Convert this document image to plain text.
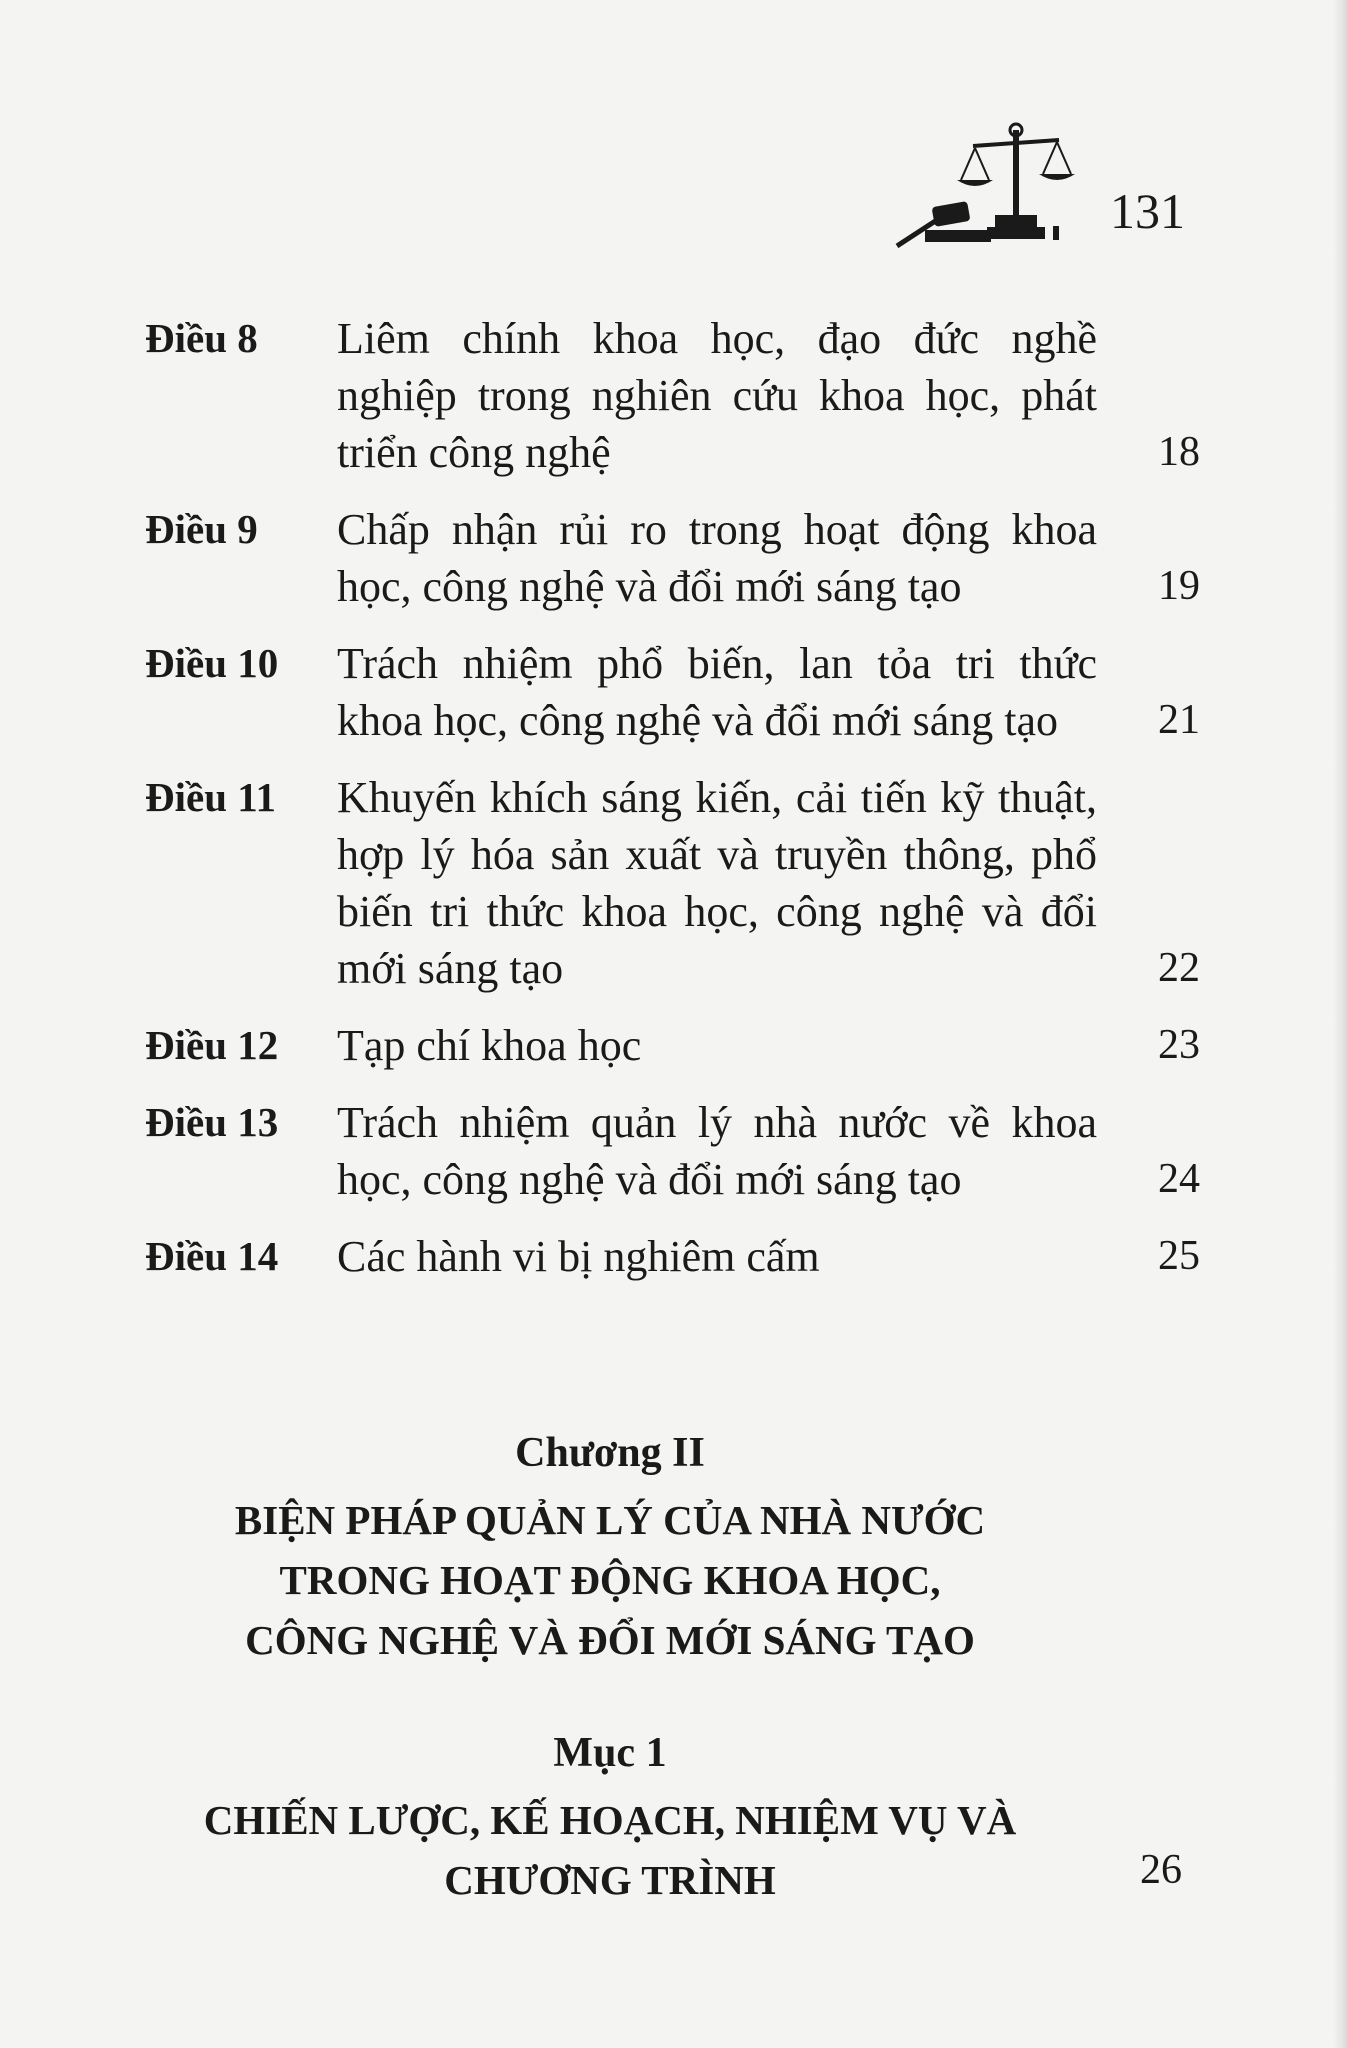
131
Điều 8	Liêm chính khoa học, đạo đức nghề nghiệp trong nghiên cứu khoa học, phát triển công nghệ	18
Điều 9	Chấp nhận rủi ro trong hoạt động khoa học, công nghệ và đổi mới sáng tạo	19
Điều 10	Trách nhiệm phổ biến, lan tỏa tri thức khoa học, công nghệ và đổi mới sáng tạo	21
Điều 11	Khuyến khích sáng kiến, cải tiến kỹ thuật, hợp lý hóa sản xuất và truyền thông, phổ biến tri thức khoa học, công nghệ và đổi mới sáng tạo	22
Điều 12	Tạp chí khoa học	23
Điều 13	Trách nhiệm quản lý nhà nước về khoa học, công nghệ và đổi mới sáng tạo	24
Điều 14	Các hành vi bị nghiêm cấm	25
Chương II
BIỆN PHÁP QUẢN LÝ CỦA NHÀ NƯỚC
TRONG HOẠT ĐỘNG KHOA HỌC,
CÔNG NGHỆ VÀ ĐỔI MỚI SÁNG TẠO
Mục 1
CHIẾN LƯỢC, KẾ HOẠCH, NHIỆM VỤ VÀ
CHƯƠNG TRÌNH	26
